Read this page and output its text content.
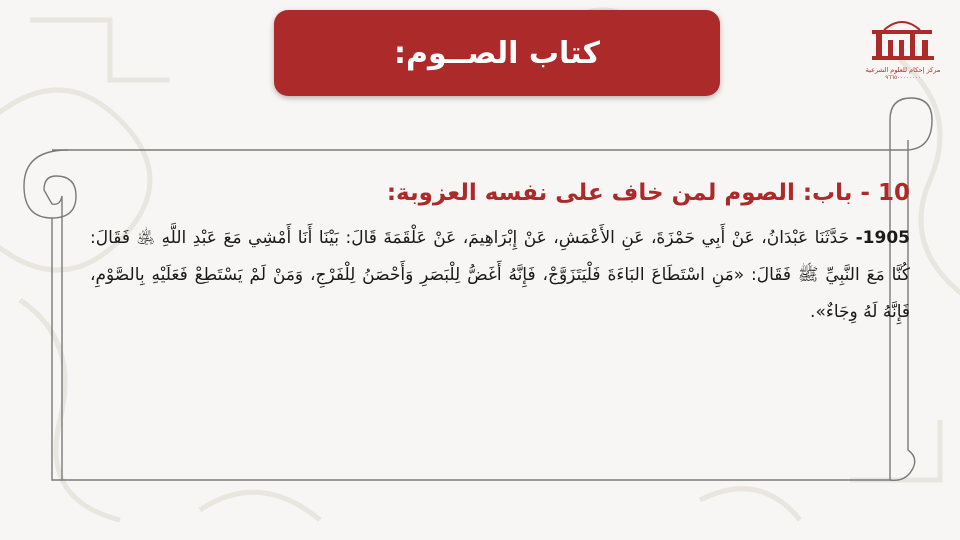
كتاب الصــوم:	مركز إحكام للعلوم الشرعية
٩٦٦٥٠٠٠٠٠٠٠٠
10 - باب: الصوم لمن خاف على نفسه العزوبة:

1905- حَدَّثَنَا عَبْدَانُ، عَنْ أَبِي حَمْزَةَ، عَنِ الأَعْمَشِ، عَنْ إِبْرَاهِيمَ، عَنْ عَلْقَمَةَ قَالَ: بَيْنَا أَنَا أَمْشِي مَعَ عَبْدِ اللَّهِ ﵁ فَقَالَ: كُنَّا مَعَ النَّبِيِّ ﷺ فَقَالَ: «مَنِ اسْتَطَاعَ البَاءَةَ فَلْيَتَزَوَّجْ، فَإِنَّهُ أَغَضُّ لِلْبَصَرِ وَأَحْصَنُ لِلْفَرْجِ، وَمَنْ لَمْ يَسْتَطِعْ فَعَلَيْهِ بِالصَّوْمِ، فَإِنَّهُ لَهُ وِجَاءٌ».
